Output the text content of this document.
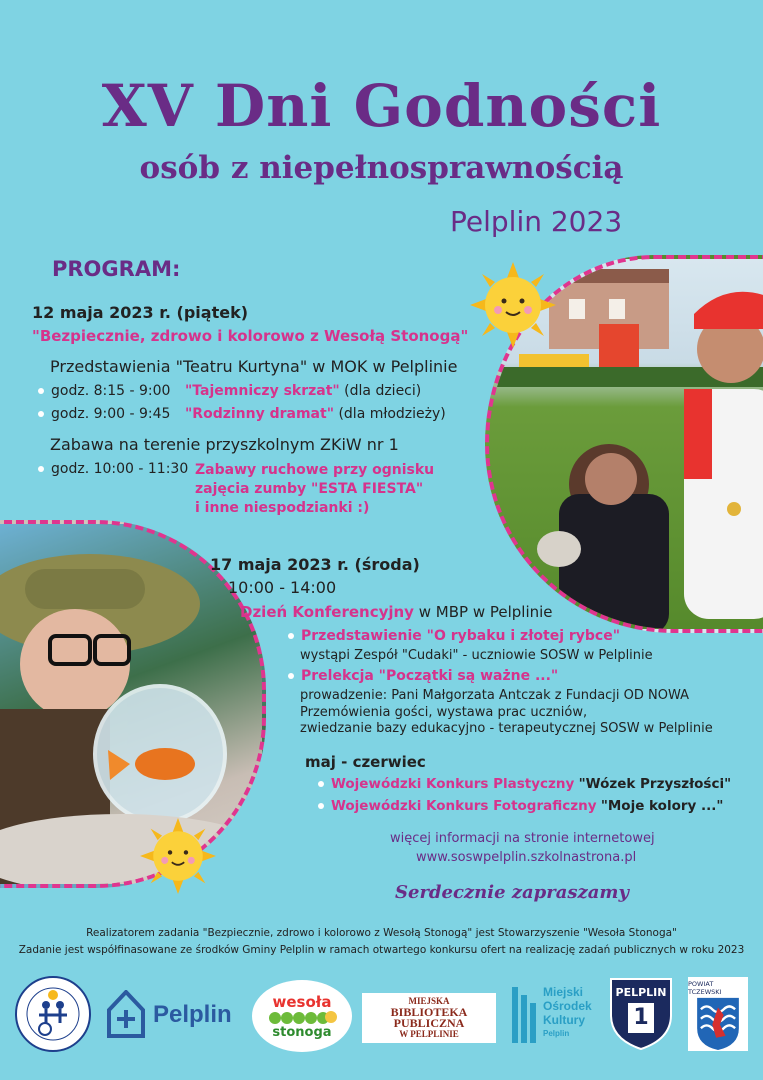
XV Dni Godności
osób z niepełnosprawnością
Pelplin 2023
PROGRAM:
12 maja 2023 r. (piątek)
"Bezpiecznie, zdrowo i kolorowo z Wesołą Stonogą"
Przedstawienia "Teatru Kurtyna" w MOK w Pelplinie
godz. 8:15 - 9:00 "Tajemniczy skrzat" (dla dzieci)
godz. 9:00 - 9:45 "Rodzinny dramat" (dla młodzieży)
Zabawa na terenie przyszkolnym ZKiW nr 1
godz. 10:00 - 11:30 Zabawy ruchowe przy ognisku
zajęcia zumby "ESTA FIESTA"
i inne niespodzianki :)
17 maja 2023 r. (środa)
10:00 - 14:00
Dzień Konferencyjny w MBP w Pelplinie
Przedstawienie "O rybaku i złotej rybce"
wystąpi Zespół "Cudaki" - uczniowie SOSW w Pelplinie
Prelekcja "Początki są ważne ..."
prowadzenie: Pani Małgorzata Antczak z Fundacji OD NOWA
Przemówienia gości, wystawa prac uczniów,
zwiedzanie bazy edukacyjno - terapeutycznej SOSW w Pelplinie
maj - czerwiec
Wojewódzki Konkurs Plastyczny "Wózek Przyszłości"
Wojewódzki Konkurs Fotograficzny "Moje kolory ..."
więcej informacji na stronie internetowej
www.soswpelplin.szkolnastrona.pl
Serdecznie zapraszamy
Realizatorem zadania "Bezpiecznie, zdrowo i kolorowo z Wesołą Stonogą" jest Stowarzyszenie "Wesoła Stonoga"
Zadanie jest współfinasowane ze środków Gminy Pelplin w ramach otwartego konkursu ofert na realizację zadań publicznych w roku 2023
Pelplin	wesoła
stonoga
MIEJSKA
BIBLIOTEKA
PUBLICZNA
W PELPLINIE
Miejski
Ośrodek
Kultury
Pelplin
PELPLIN
1
POWIAT TCZEWSKI
